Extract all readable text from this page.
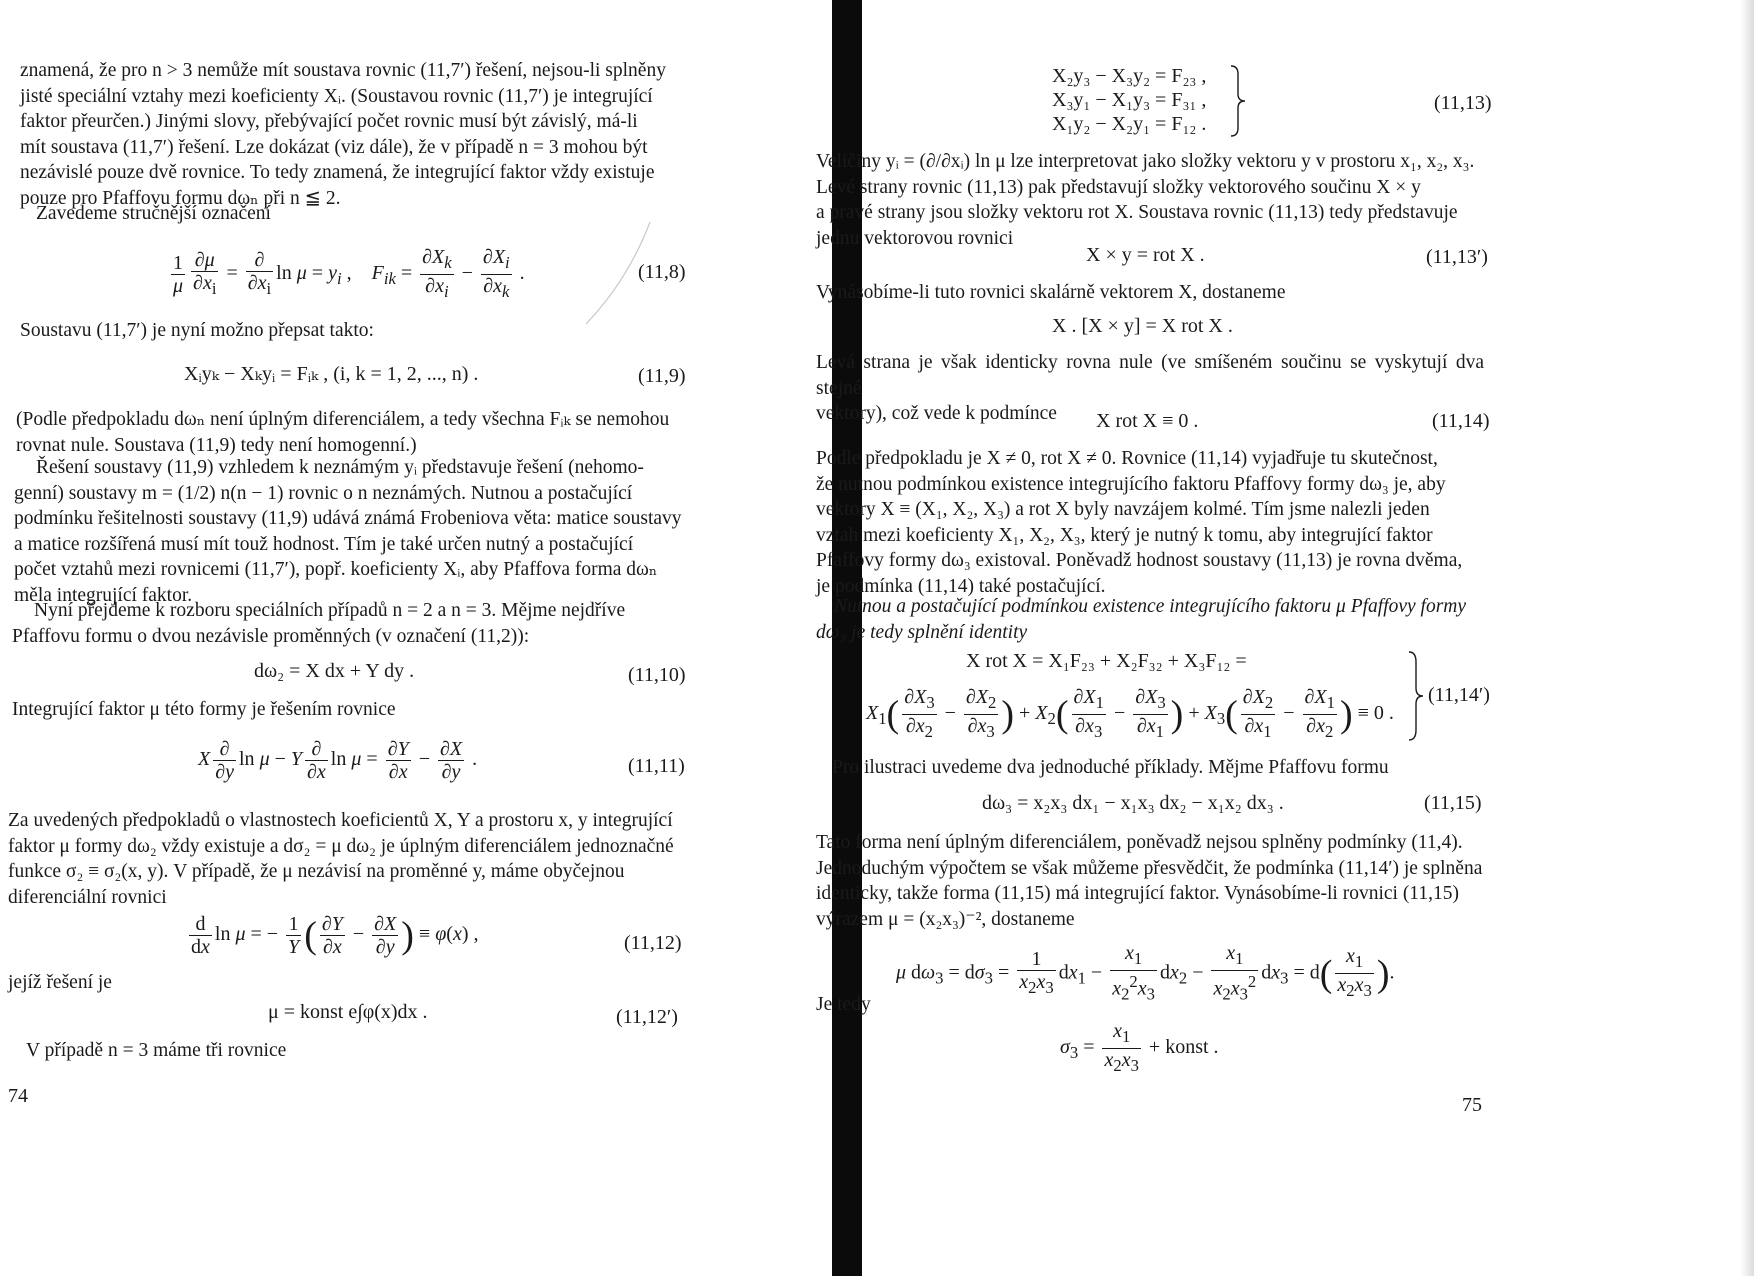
znamená, že pro n > 3 nemůže mít soustava rovnic (11,7′) řešení, nejsou-li splněny
jisté speciální vztahy mezi koeficienty Xᵢ. (Soustavou rovnic (11,7′) je integrující
faktor přeurčen.) Jinými slovy, přebývající počet rovnic musí být závislý, má-li
mít soustava (11,7′) řešení. Lze dokázat (viz dále), že v případě n = 3 mohou být
nezávislé pouze dvě rovnice. To tedy znamená, že integrující faktor vždy existuje
pouze pro Pfaffovu formu dωₙ při n ≦ 2.
Zavedeme stručnější označení
$\frac{1}{\mu} \frac{\partial\mu}{\partial x_i} = \frac{\partial}{\partial x_i}$ $\ln \mu = y_i$ ,    $F_{ik} = \frac{\partial X_k}{\partial x_i} - \frac{\partial X_i}{\partial x_k}$ .	(11,8)
Soustavu (11,7′) je nyní možno přepsat takto:
Xᵢyₖ − Xₖyᵢ = Fᵢₖ , (i, k = 1, 2, ..., n) .	(11,9)
(Podle předpokladu dωₙ není úplným diferenciálem, a tedy všechna Fᵢₖ se nemohou
rovnat nule. Soustava (11,9) tedy není homogenní.)
Řešení soustavy (11,9) vzhledem k neznámým yᵢ představuje řešení (nehomo-
genní) soustavy m = (1/2) n(n − 1) rovnic o n neznámých. Nutnou a postačující
podmínku řešitelnosti soustavy (11,9) udává známá Frobeniova věta: matice soustavy
a matice rozšířená musí mít touž hodnost. Tím je také určen nutný a postačující
počet vztahů mezi rovnicemi (11,7′), popř. koeficienty Xᵢ, aby Pfaffova forma dωₙ
měla integrující faktor.
Nyní přejdeme k rozboru speciálních případů n = 2 a n = 3. Mějme nejdříve
Pfaffovu formu o dvou nezávisle proměnných (v označení (11,2)):
dω₂ = X dx + Y dy .	(11,10)
Integrující faktor μ této formy je řešením rovnice
X $\frac{\partial}{\partial y}$ ln μ − Y $\frac{\partial}{\partial x}$ $\ln \mu = \frac{\partial Y}{\partial x} - \frac{\partial X}{\partial y}$ .	(11,11)
Za uvedených předpokladů o vlastnostech koeficientů X, Y a prostoru x, y integrující
faktor μ formy dω₂ vždy existuje a dσ₂ = μ dω₂ je úplným diferenciálem jednoznačné
funkce σ₂ ≡ σ₂(x, y). V případě, že μ nezávisí na proměnné y, máme obyčejnou
diferenciální rovnici
$\frac{d}{dx}$ ln μ = − $\frac{1}{Y}$ ( $\frac{\partial Y}{\partial x} - \frac{\partial X}{\partial y}$ ) ≡ φ(x) ,	(11,12)
jejíž řešení je
μ = konst e∫φ(x)dx .	(11,12′)
V případě n = 3 máme tři rovnice
74
X₂y₃ − X₃y₂ = F₂₃ ,
X₃y₁ − X₁y₃ = F₃₁ ,
X₁y₂ − X₂y₁ = F₁₂ .
(11,13)
Veličiny yᵢ = (∂/∂xᵢ) ln μ lze interpretovat jako složky vektoru y v prostoru x₁, x₂, x₃.
Levé strany rovnic (11,13) pak představují složky vektorového součinu X × y
a pravé strany jsou složky vektoru rot X. Soustava rovnic (11,13) tedy představuje
jednu vektorovou rovnici
X × y = rot X .	(11,13′)
Vynásobíme-li tuto rovnici skalárně vektorem X, dostaneme
X . [X × y] = X rot X .
Levá strana je však identicky rovna nule (ve smíšeném součinu se vyskytují dva stejné
vektory), což vede k podmínce	X rot X ≡ 0 .	(11,14)
Podle předpokladu je X ≠ 0, rot X ≠ 0. Rovnice (11,14) vyjadřuje tu skutečnost,
že nutnou podmínkou existence integrujícího faktoru Pfaffovy formy dω₃ je, aby
vektory X ≡ (X₁, X₂, X₃) a rot X byly navzájem kolmé. Tím jsme nalezli jeden
vztah mezi koeficienty X₁, X₂, X₃, který je nutný k tomu, aby integrující faktor
Pfaffovy formy dω₃ existoval. Poněvadž hodnost soustavy (11,13) je rovna dvěma,
je podmínka (11,14) také postačující.
Nutnou a postačující podmínkou existence integrujícího faktoru μ Pfaffovy formy
dω₃ je tedy splnění identity
X rot X = X₁F₂₃ + X₂F₃₂ + X₃F₁₂ =
$X_1( \frac{\partial X_3}{\partial x_2} - \frac{\partial X_2}{\partial x_3}$ ) + $X_2( \frac{\partial X_1}{\partial x_3} - \frac{\partial X_3}{\partial x_1}$ ) + $X_3( \frac{\partial X_2}{\partial x_1} - \frac{\partial X_1}{\partial x_2}$ ) ≡ 0 .
(11,14′)
Pro ilustraci uvedeme dva jednoduché příklady. Mějme Pfaffovu formu
dω₃ = x₂x₃ dx₁ − x₁x₃ dx₂ − x₁x₂ dx₃ .	(11,15)
Tato forma není úplným diferenciálem, poněvadž nejsou splněny podmínky (11,4).
Jednoduchým výpočtem se však můžeme přesvědčit, že podmínka (11,14′) je splněna
identicky, takže forma (11,15) má integrující faktor. Vynásobíme-li rovnici (11,15)
výrazem μ = (x₂x₃)⁻², dostaneme
μ $d\omega_3 = d\sigma_3 = \frac{1}{x_2x_3} dx_1 - \frac{x_1}{x_2^2x_3} dx_2 - \frac{x_1}{x_2x_3^2} dx_3 = d( \frac{x_1}{x_2x_3}$ ).
Je tedy
$\sigma_3 = \frac{x_1}{x_2x_3}$ + konst .
75
